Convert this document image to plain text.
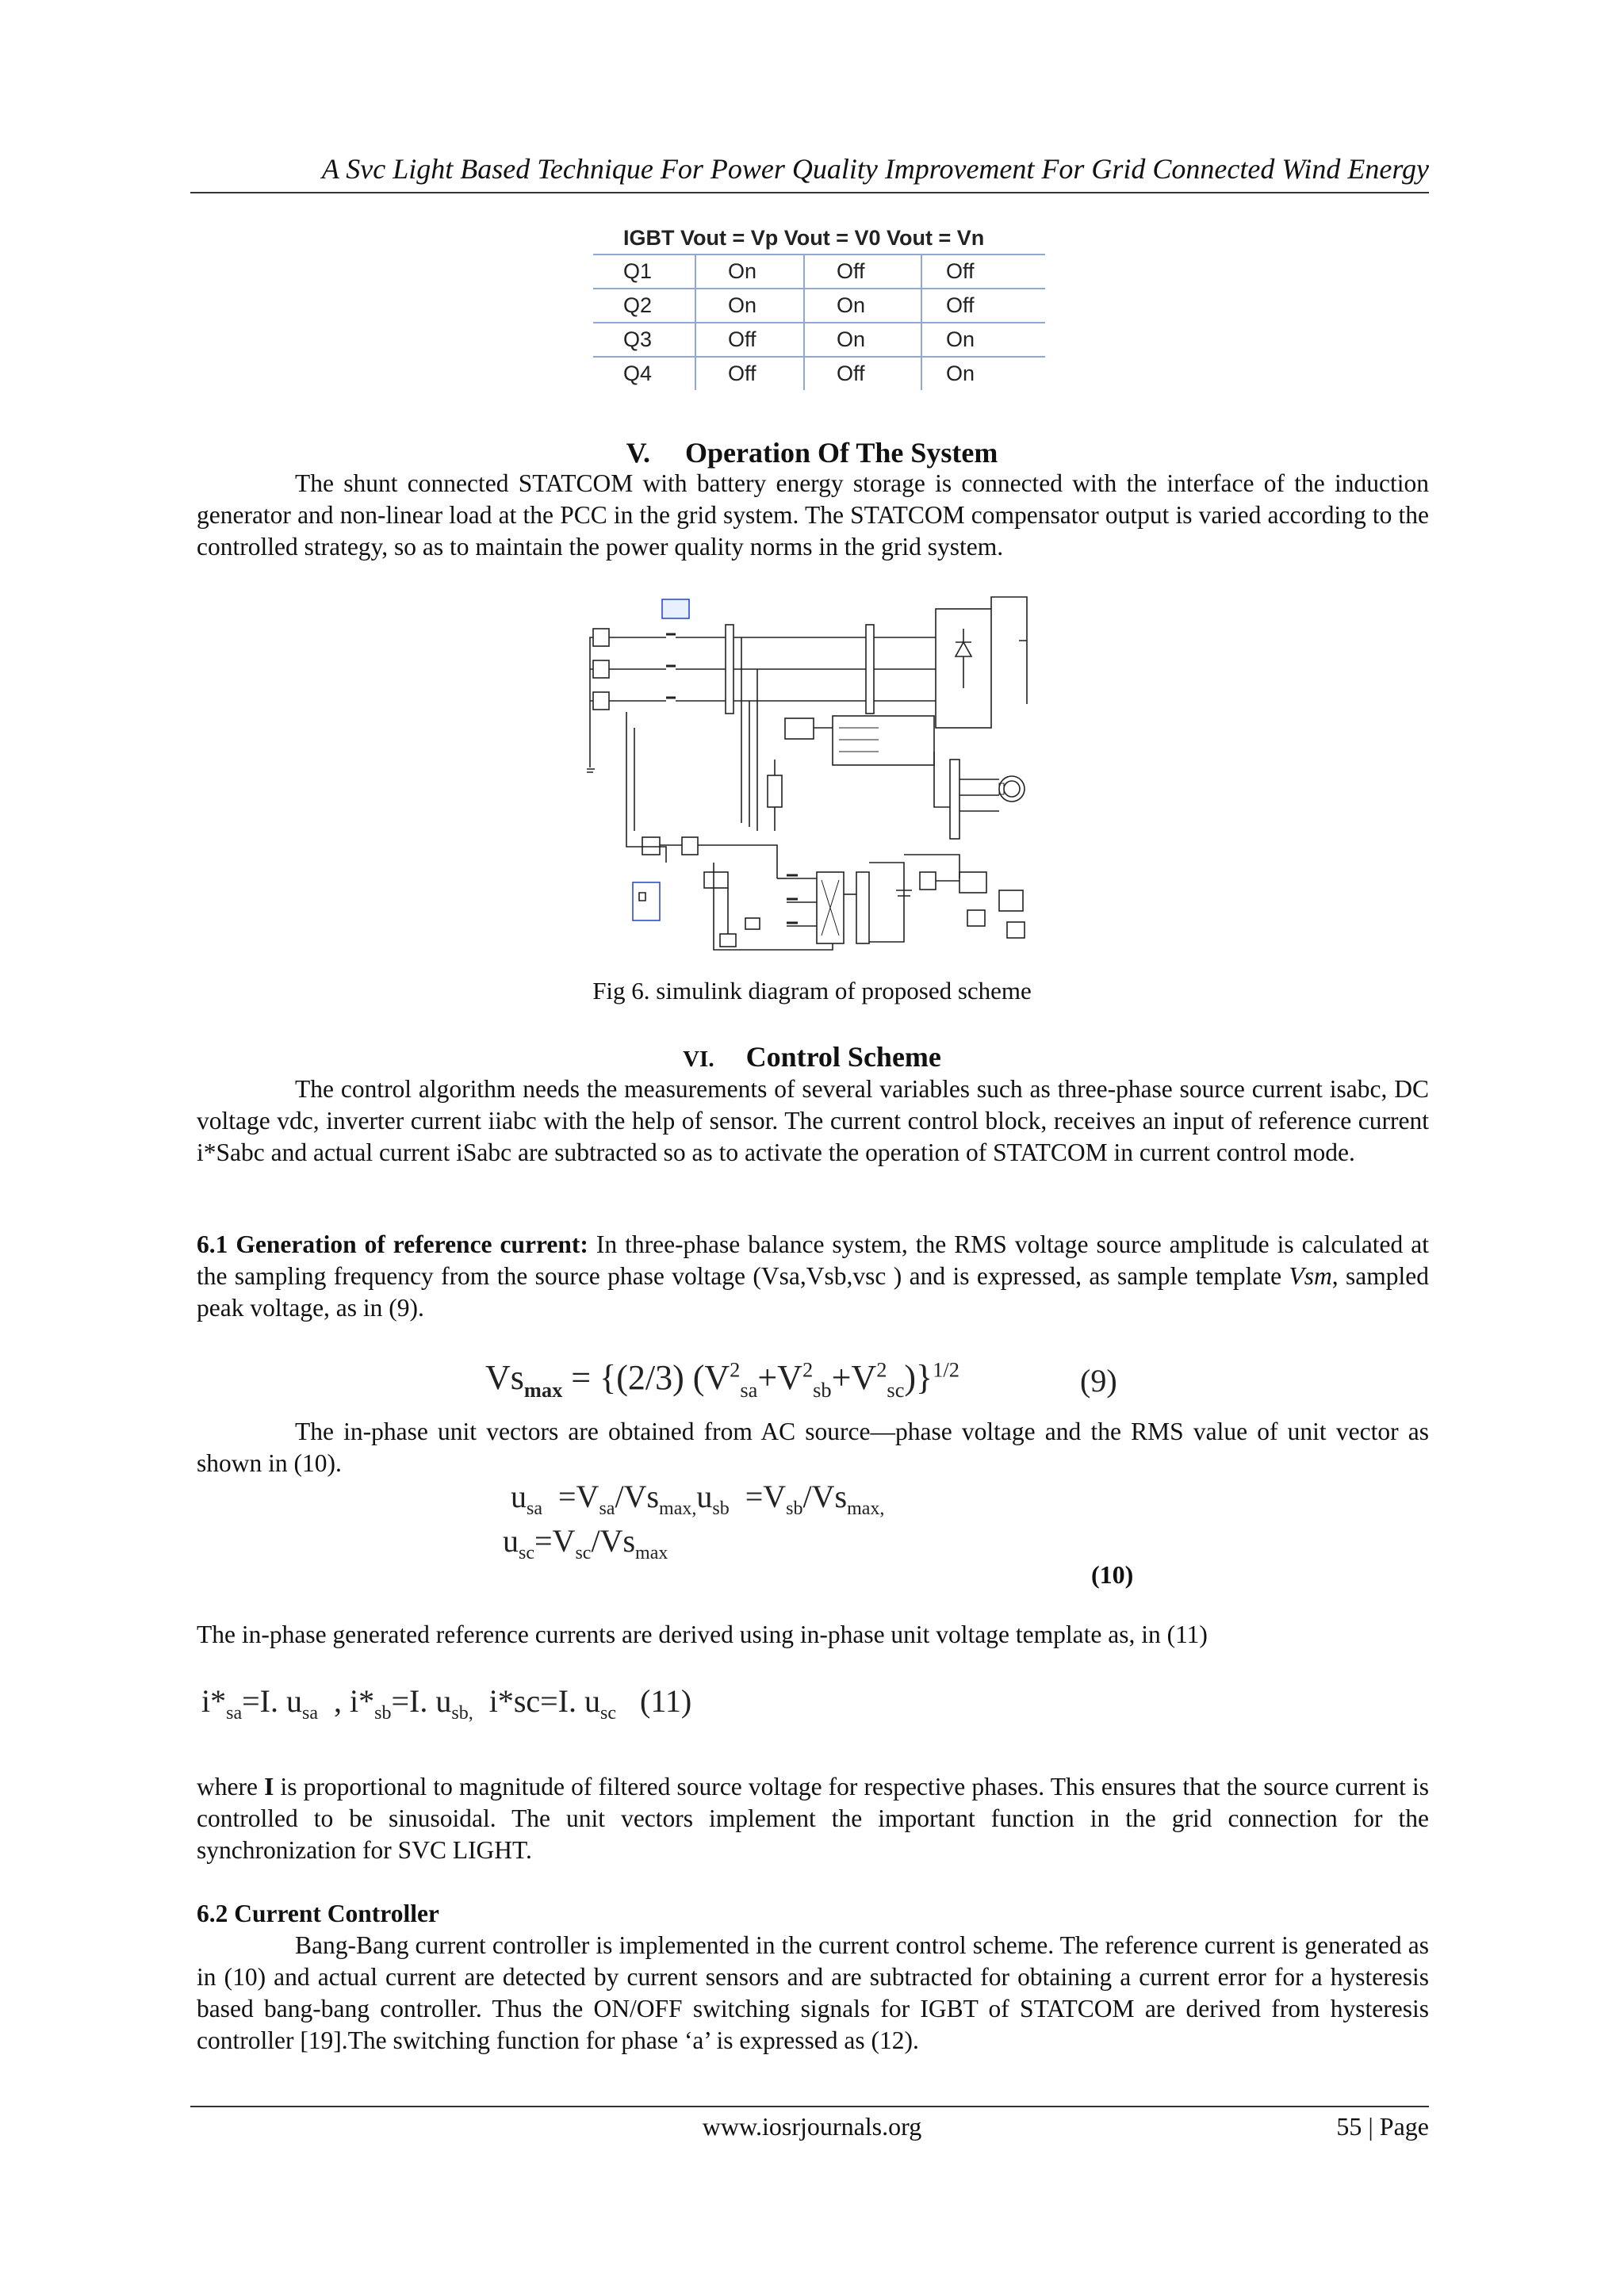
A Svc Light Based Technique For Power Quality Improvement For Grid Connected Wind Energy
IGBT Vout = Vp Vout = V0 Vout = Vn
Q1	On	Off	Off
Q2	On	On	Off
Q3	Off	On	On
Q4	Off	Off	On
V. Operation Of The System
The shunt connected STATCOM with battery energy storage is connected with the interface of the induction generator and non-linear load at the PCC in the grid system. The STATCOM compensator output is varied according to the controlled strategy, so as to maintain the power quality norms in the grid system.
Fig 6. simulink diagram of proposed scheme
VI. Control Scheme
The control algorithm needs the measurements of several variables such as three-phase source current isabc, DC voltage vdc, inverter current iiabc with the help of sensor. The current control block, receives an input of reference current i*Sabc and actual current iSabc are subtracted so as to activate the operation of STATCOM in current control mode.
6.1 Generation of reference current: In three-phase balance system, the RMS voltage source amplitude is calculated at the sampling frequency from the source phase voltage (Vsa,Vsb,vsc ) and is expressed, as sample template Vsm, sampled peak voltage, as in (9).
$Vs_{max} = \{(2/3)$ $(V^2_{sa}+V^2_{sb}+V^2_{sc})\}^{1/2}$	(9)
The in-phase unit vectors are obtained from AC source—phase voltage and the RMS value of unit vector as shown in (10).
$u_{sa} =V_{sa}/Vs_{max,}u_{sb} =V_{sb}/Vs_{max,}$
$u_{sc}=V_{sc}/Vs_{max}$
(10)
The in-phase generated reference currents are derived using in-phase unit voltage template as, in (11)
$i*_{sa}=I$. $u_{sa}$  , $i*_{sb}=I$. $u_{sb,}$  i*sc=I. $u_{sc}$ (11)
where I is proportional to magnitude of filtered source voltage for respective phases. This ensures that the source current is controlled to be sinusoidal. The unit vectors implement the important function in the grid connection for the synchronization for SVC LIGHT.
6.2 Current Controller
Bang-Bang current controller is implemented in the current control scheme. The reference current is generated as in (10) and actual current are detected by current sensors and are subtracted for obtaining a current error for a hysteresis based bang-bang controller. Thus the ON/OFF switching signals for IGBT of STATCOM are derived from hysteresis controller [19].The switching function for phase ‘a’ is expressed as (12).
www.iosrjournals.org	55 | Page
